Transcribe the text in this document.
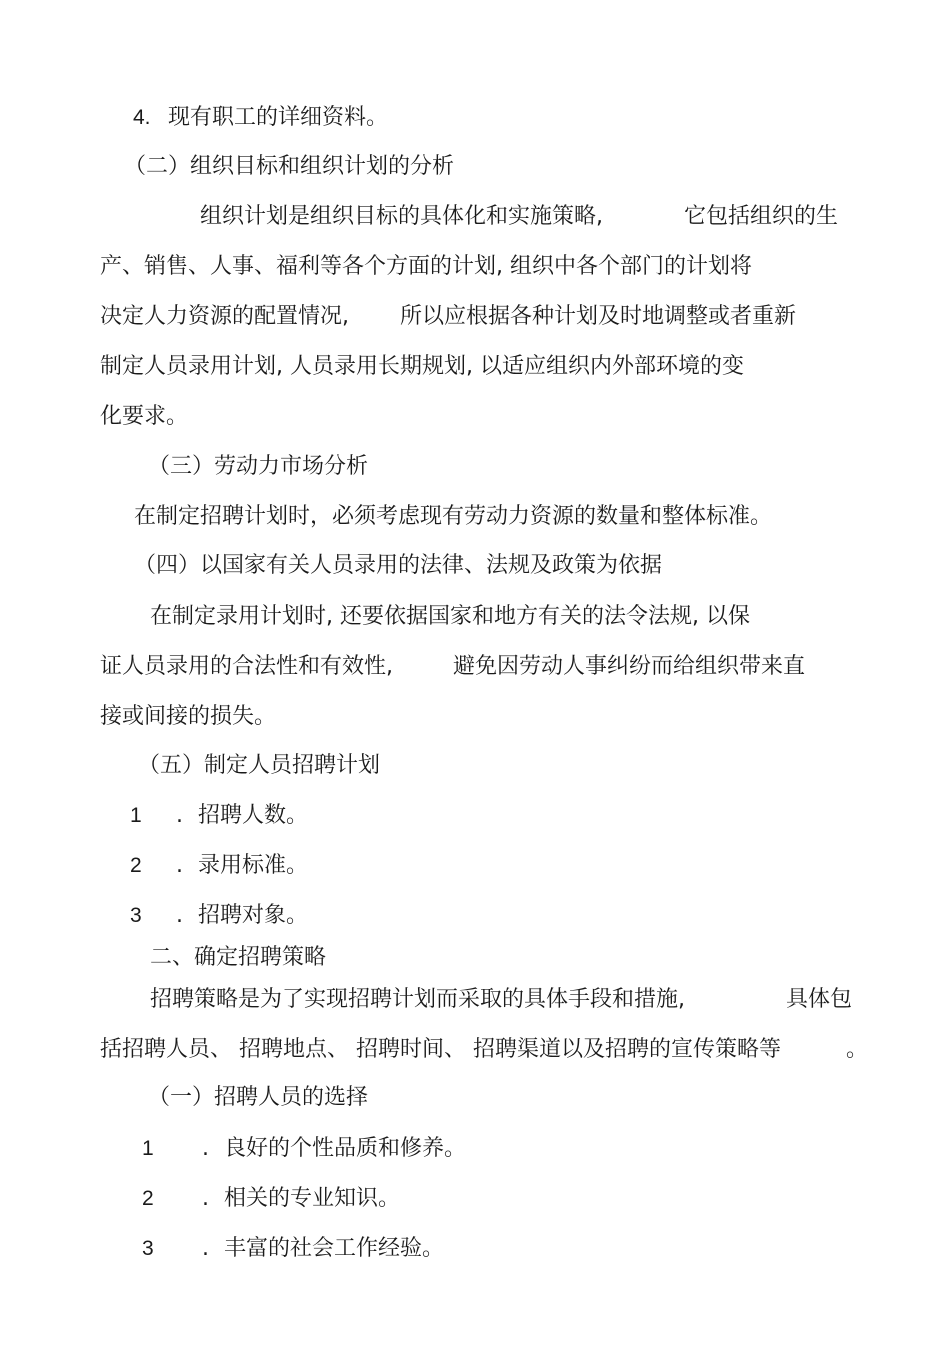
4. 现有职工的详细资料。
（二）组织目标和组织计划的分析
组织计划是组织目标的具体化和实施策略,	它包括组织的生
产、销售、人事、福利等各个方面的计划, 组织中各个部门的计划将
决定人力资源的配置情况, 所以应根据各种计划及时地调整或者重新
制定人员录用计划, 人员录用长期规划, 以适应组织内外部环境的变
化要求。
（三）劳动力市场分析
在制定招聘计划时，必须考虑现有劳动力资源的数量和整体标准。
（四）以国家有关人员录用的法律、法规及政策为依据
在制定录用计划时, 还要依据国家和地方有关的法令法规, 以保
证人员录用的合法性和有效性,	避免因劳动人事纠纷而给组织带来直
接或间接的损失。
（五）制定人员招聘计划
1 . 招聘人数。
2 . 录用标准。
3 . 招聘对象。
二、确定招聘策略
招聘策略是为了实现招聘计划而采取的具体手段和措施,	具体包
括招聘人员、 招聘地点、 招聘时间、 招聘渠道以及招聘的宣传策略等	。
（一）招聘人员的选择
1 . 良好的个性品质和修养。
2 . 相关的专业知识。
3 . 丰富的社会工作经验。
